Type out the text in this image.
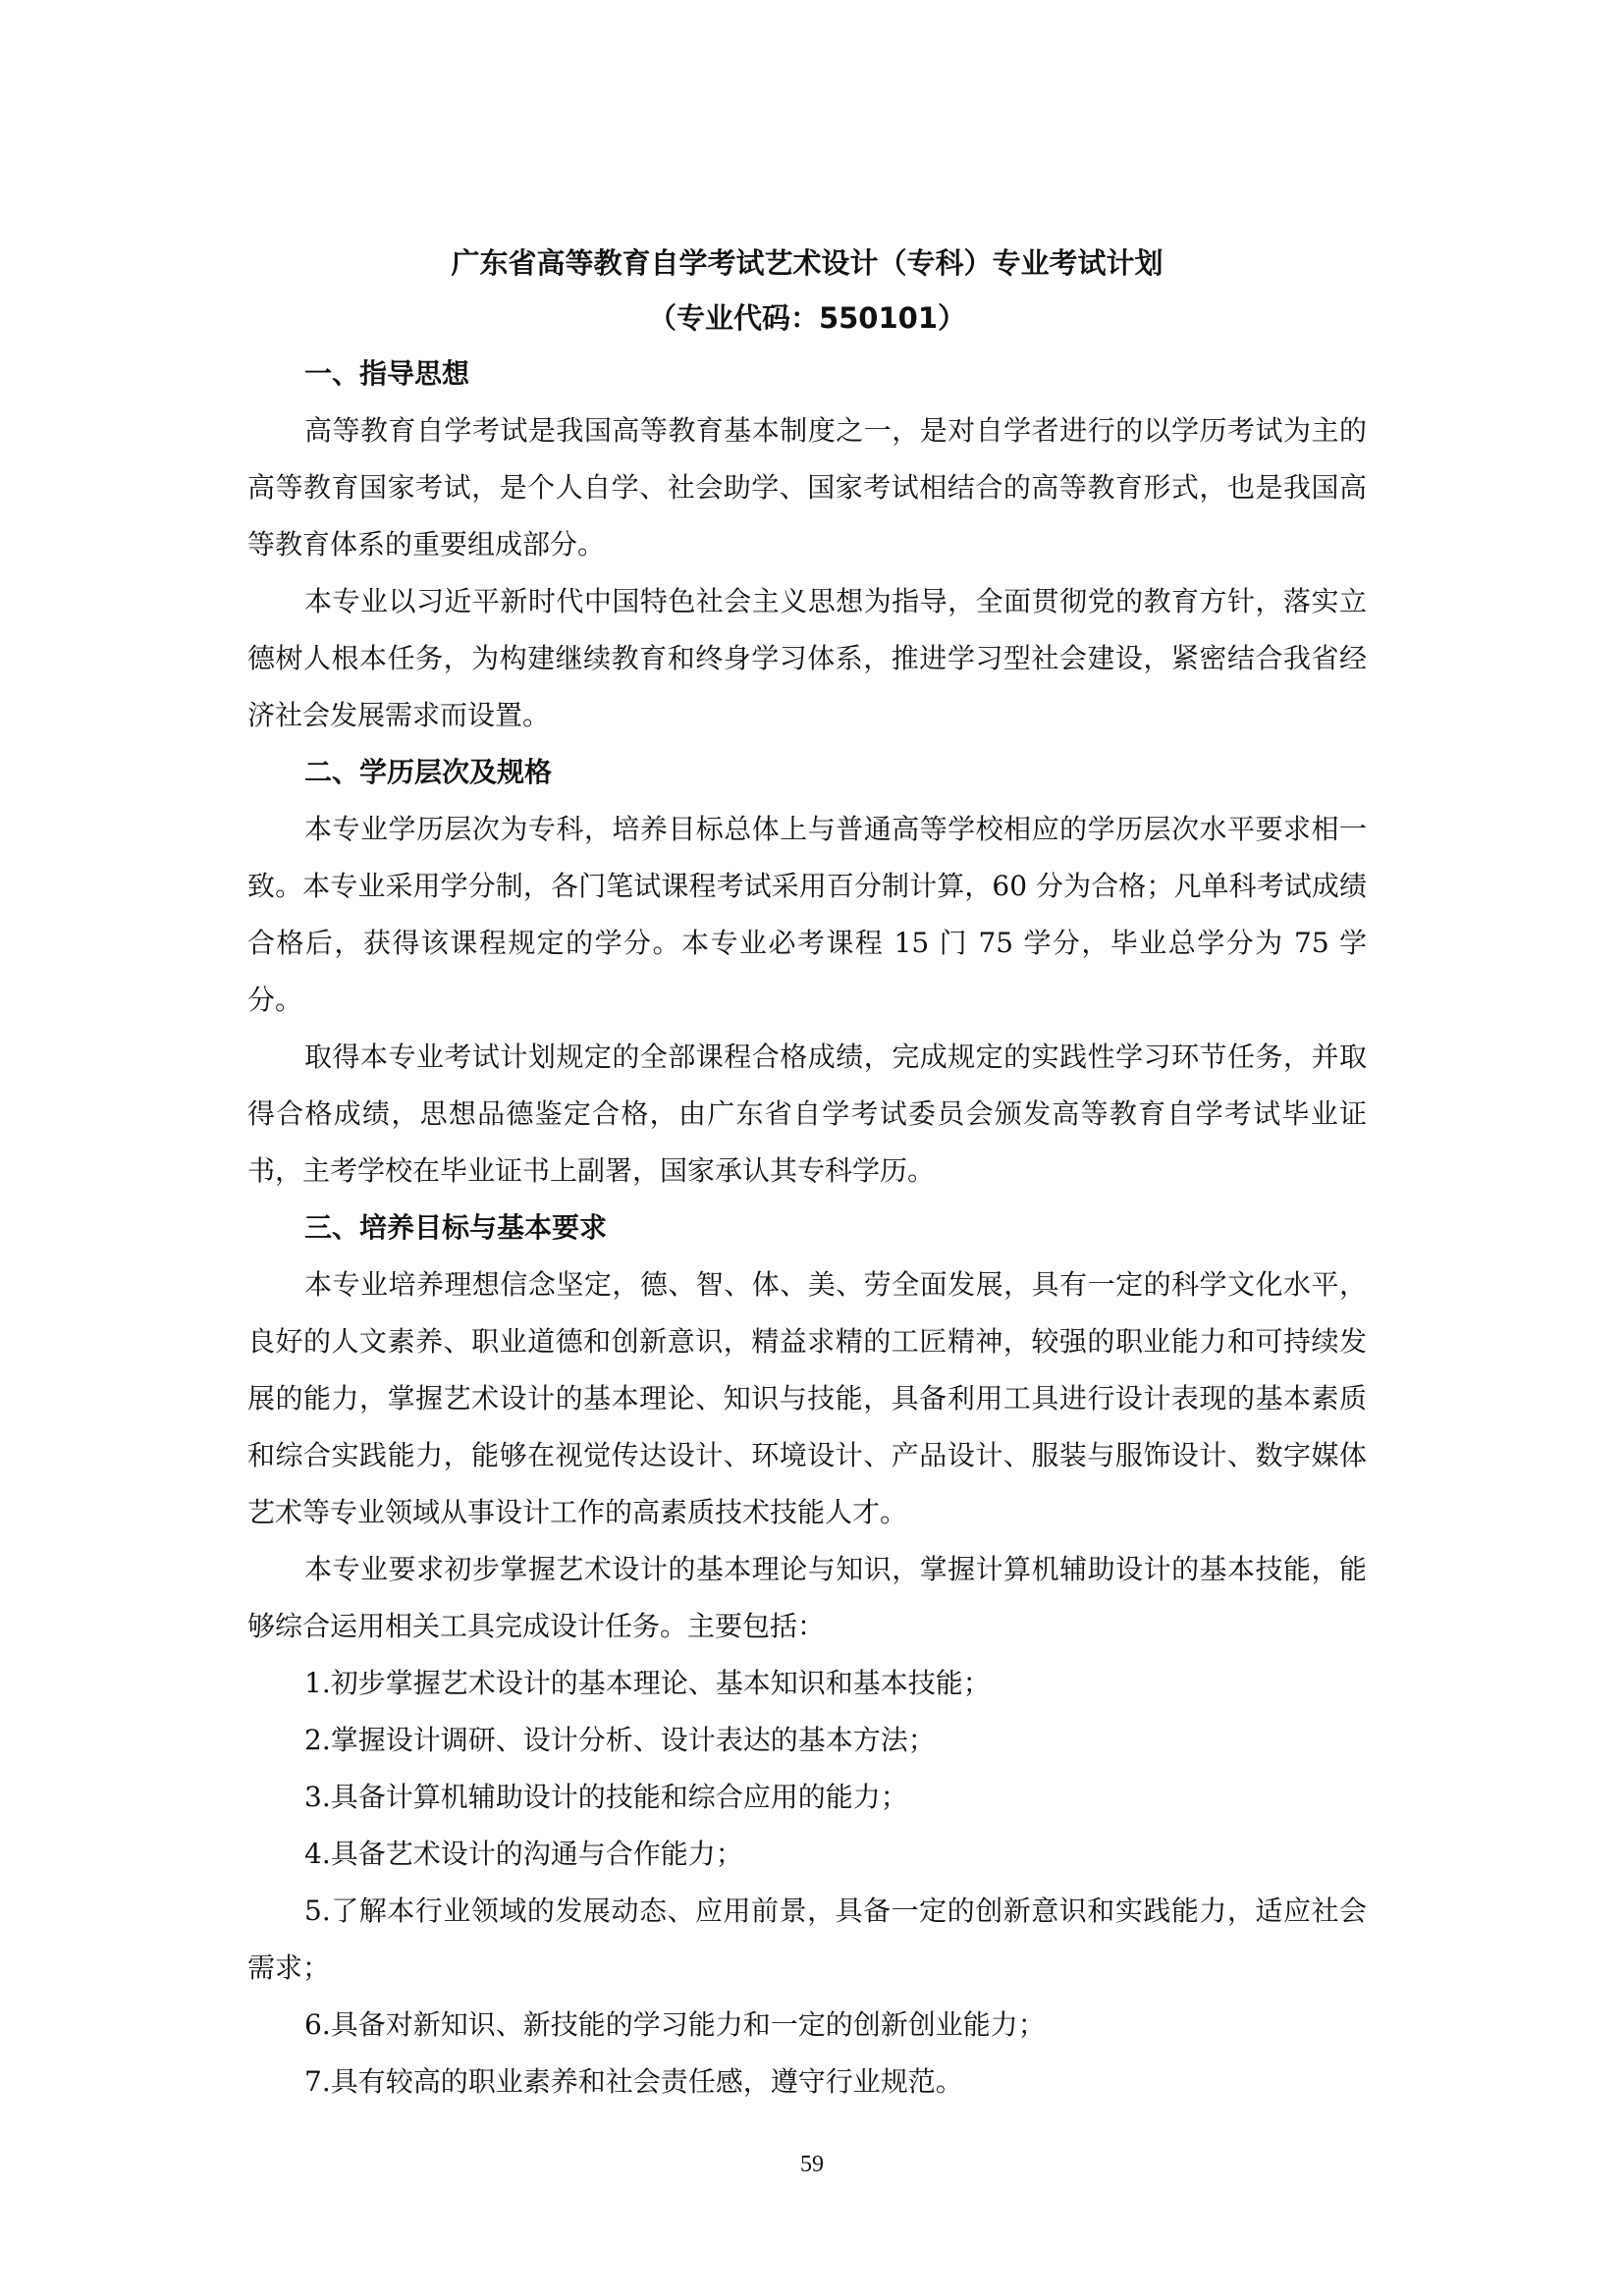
广东省高等教育自学考试艺术设计（专科）专业考试计划

（专业代码：550101）

一、指导思想

高等教育自学考试是我国高等教育基本制度之一，是对自学者进行的以学历考试为主的高等教育国家考试，是个人自学、社会助学、国家考试相结合的高等教育形式，也是我国高等教育体系的重要组成部分。

本专业以习近平新时代中国特色社会主义思想为指导，全面贯彻党的教育方针，落实立德树人根本任务，为构建继续教育和终身学习体系，推进学习型社会建设，紧密结合我省经济社会发展需求而设置。

二、学历层次及规格

本专业学历层次为专科，培养目标总体上与普通高等学校相应的学历层次水平要求相一致。本专业采用学分制，各门笔试课程考试采用百分制计算，60 分为合格；凡单科考试成绩合格后，获得该课程规定的学分。本专业必考课程 15 门 75 学分，毕业总学分为 75 学分。

取得本专业考试计划规定的全部课程合格成绩，完成规定的实践性学习环节任务，并取得合格成绩，思想品德鉴定合格，由广东省自学考试委员会颁发高等教育自学考试毕业证书，主考学校在毕业证书上副署，国家承认其专科学历。

三、培养目标与基本要求

本专业培养理想信念坚定，德、智、体、美、劳全面发展，具有一定的科学文化水平，良好的人文素养、职业道德和创新意识，精益求精的工匠精神，较强的职业能力和可持续发展的能力，掌握艺术设计的基本理论、知识与技能，具备利用工具进行设计表现的基本素质和综合实践能力，能够在视觉传达设计、环境设计、产品设计、服装与服饰设计、数字媒体艺术等专业领域从事设计工作的高素质技术技能人才。

本专业要求初步掌握艺术设计的基本理论与知识，掌握计算机辅助设计的基本技能，能够综合运用相关工具完成设计任务。主要包括：

1.初步掌握艺术设计的基本理论、基本知识和基本技能；

2.掌握设计调研、设计分析、设计表达的基本方法；

3.具备计算机辅助设计的技能和综合应用的能力；

4.具备艺术设计的沟通与合作能力；

5.了解本行业领域的发展动态、应用前景，具备一定的创新意识和实践能力，适应社会需求；

6.具备对新知识、新技能的学习能力和一定的创新创业能力；

7.具有较高的职业素养和社会责任感，遵守行业规范。

59
